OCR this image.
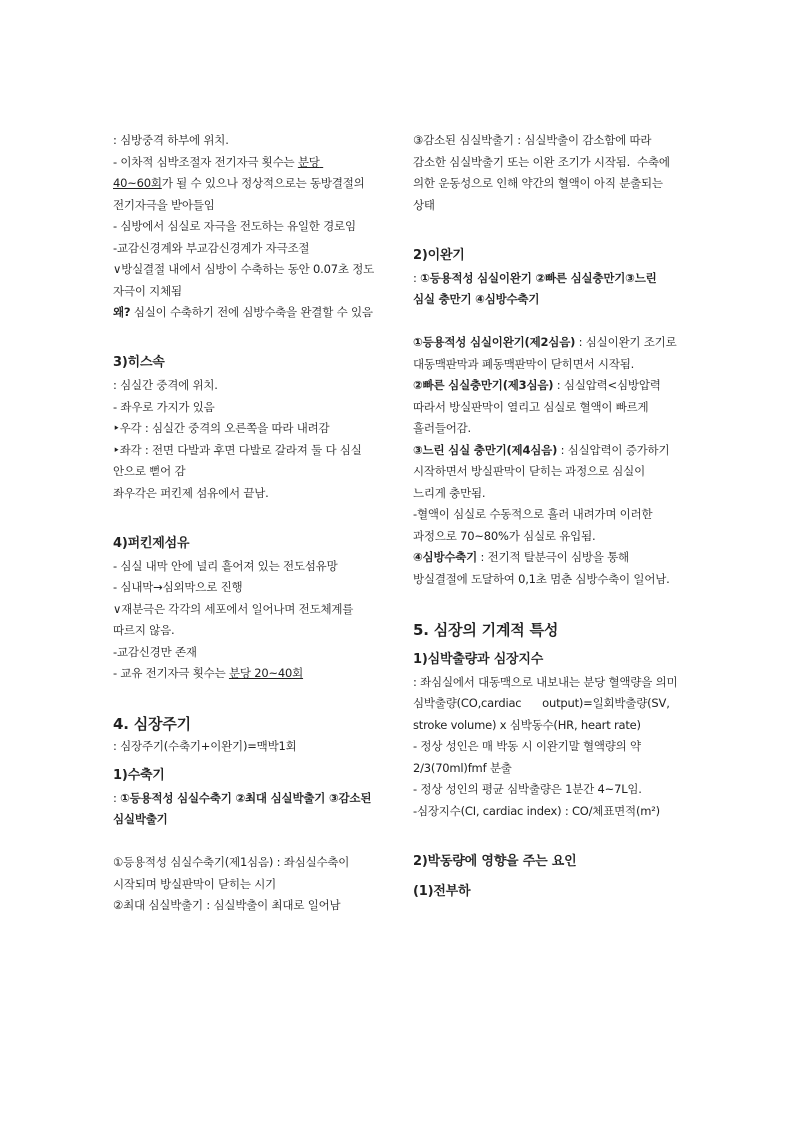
: 심방중격 하부에 위치.

- 이차적 심박조절자 전기자극 횟수는 분당 40~60회가 될 수 있으나 정상적으로는 동방결절의 전기자극을 받아들임

- 심방에서 심실로 자극을 전도하는 유일한 경로임

-교감신경계와 부교감신경계가 자극조절

∨방실결절 내에서 심방이 수축하는 동안 0.07초 정도 자극이 지체됨

왜? 심실이 수축하기 전에 심방수축을 완결할 수 있음

3)히스속

: 심실간 중격에 위치.

- 좌우로 가지가 있음

‣우각 : 심실간 중격의 오른쪽을 따라 내려감

‣좌각 : 전면 다발과 후면 다발로 갈라져 둘 다 심실 안으로 뻗어 감

좌우각은 퍼킨제 섬유에서 끝남.

4)퍼킨제섬유

- 심실 내막 안에 널리 흩어져 있는 전도섬유망

- 심내막→심외막으로 진행

∨재분극은 각각의 세포에서 일어나며 전도체계를 따르지 않음.

-교감신경만 존재

- 교유 전기자극 횟수는 분당 20~40회

4. 심장주기

: 심장주기(수축기+이완기)=맥박1회

1)수축기

: ①등용적성 심실수축기 ②최대 심실박출기 ③감소된 심실박출기

①등용적성 심실수축기(제1심음) : 좌심실수축이 시작되며 방실판막이 닫히는 시기

②최대 심실박출기 : 심실박출이 최대로 일어남

③감소된 심실박출기 : 심실박출이 감소함에 따라 감소한 심실박출기 또는 이완 조기가 시작됨.  수축에 의한 운동성으로 인해 약간의 혈액이 아직 분출되는 상태

2)이완기

: ①등용적성 심실이완기 ②빠른 심실충만기③느린 심실 충만기 ④심방수축기

①등용적성 심실이완기(제2심음) : 심실이완기 조기로 대동맥판막과 폐동맥판막이 닫히면서 시작됨.

②빠른 심실충만기(제3심음) : 심실압력<심방압력 따라서 방실판막이 열리고 심실로 혈액이 빠르게 흘러들어감.

③느린 심실 충만기(제4심음) : 심실압력이 증가하기 시작하면서 방실판막이 닫히는 과정으로 심실이 느리게 충만됨.

-혈액이 심실로 수동적으로 흘러 내려가며 이러한 과정으로 70~80%가 심실로 유입됨.

④심방수축기 : 전기적 탈분극이 심방을 통해 방실결절에 도달하여 0,1초 멈춘 심방수축이 일어남.

5. 심장의 기계적 특성

1)심박출량과 심장지수

: 좌심실에서 대동맥으로 내보내는 분당 혈액량을 의미

심박출량(CO,cardiac      output)=일회박출량(SV, stroke volume) x 심박동수(HR, heart rate)

- 정상 성인은 매 박동 시 이완기말 혈액량의 약 2/3(70ml)fmf 분출

- 정상 성인의 평균 심박출량은 1분간 4~7L임.

-심장지수(CI, cardiac index) : CO/체표면적(m²)

2)박동량에 영향을 주는 요인

(1)전부하
